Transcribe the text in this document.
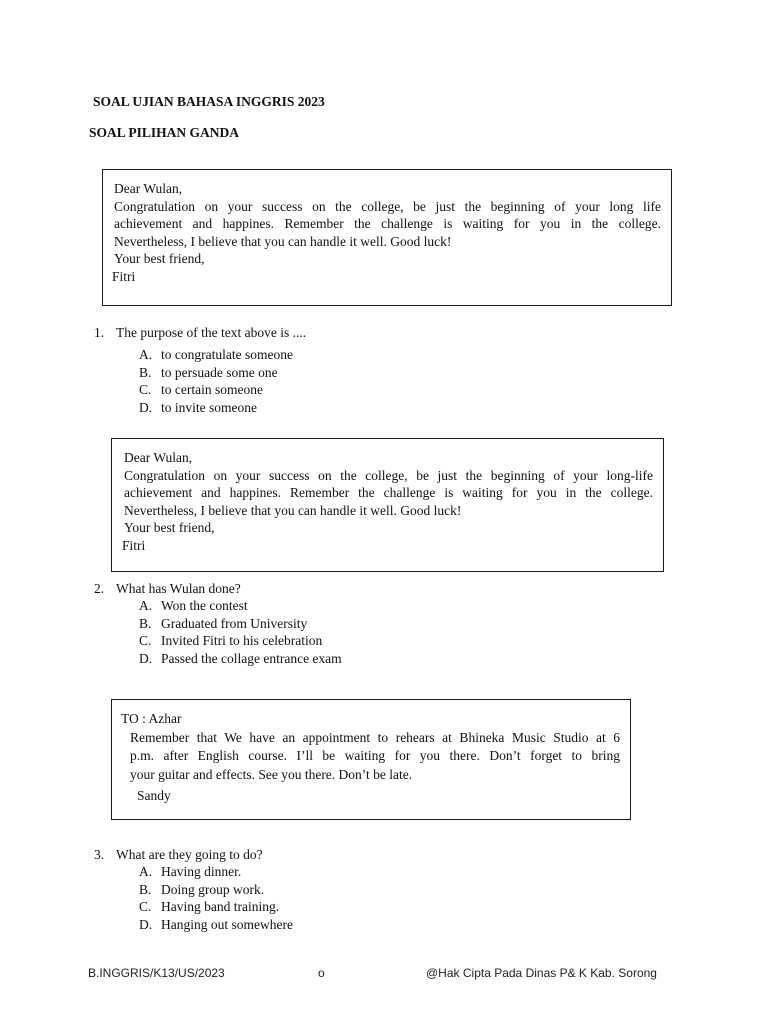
SOAL UJIAN BAHASA INGGRIS 2023
SOAL PILIHAN GANDA
Dear Wulan,
Congratulation on your success on the college, be just the beginning of your long life
achievement and happines. Remember the challenge is waiting for you in the college.
Nevertheless, I believe that you can handle it well. Good luck!
Your best friend,
Fitri
1. The purpose of the text above is ....
A. to congratulate someone
B. to persuade some one
C. to certain someone
D. to invite someone
Dear Wulan,
Congratulation on your success on the college, be just the beginning of your long-life
achievement and happines. Remember the challenge is waiting for you in the college.
Nevertheless, I believe that you can handle it well. Good luck!
Your best friend,
Fitri
2. What has Wulan done?
A. Won the contest
B. Graduated from University
C. Invited Fitri to his celebration
D. Passed the collage entrance exam
TO : Azhar
Remember that We have an appointment to rehears at Bhineka Music Studio at 6
p.m. after English course. I’ll be waiting for you there. Don’t forget to bring
your guitar and effects. See you there. Don’t be late.
Sandy
3. What are they going to do?
A. Having dinner.
B. Doing group work.
C. Having band training.
D. Hanging out somewhere
B.INGGRIS/K13/US/2023	o	@Hak Cipta Pada Dinas P& K Kab. Sorong
